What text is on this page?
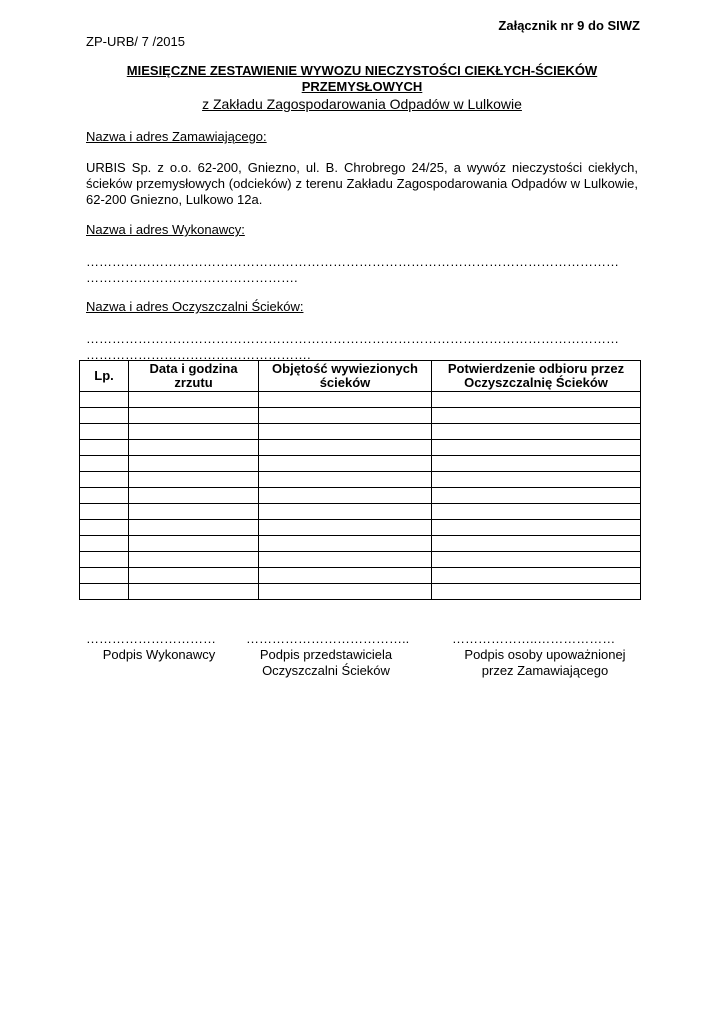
Załącznik nr 9 do SIWZ
ZP-URB/ 7 /2015
MIESIĘCZNE ZESTAWIENIE WYWOZU NIECZYSTOŚCI CIEKŁYCH-ŚCIEKÓW
PRZEMYSŁOWYCH
z Zakładu Zagospodarowania Odpadów w Lulkowie
Nazwa i adres Zamawiającego:
URBIS Sp. z o.o. 62-200, Gniezno, ul. B. Chrobrego 24/25, a wywóz nieczystości ciekłych, ścieków przemysłowych (odcieków) z terenu Zakładu Zagospodarowania Odpadów w Lulkowie, 62-200 Gniezno, Lulkowo 12a.
Nazwa i adres Wykonawcy:
……………………………………………………………………………………………………………
………………………………………….
Nazwa i adres Oczyszczalni Ścieków:
……………………………………………………………………………………………………………
…………………………………………….
Lp.	Data i godzina zrzutu	Objętość wywiezionych ścieków	Potwierdzenie odbioru przez Oczyszczalnię Ścieków

………………………… ………………………………..	………………..………………
Podpis Wykonawcy	Podpis przedstawiciela Oczyszczalni Ścieków
Podpis osoby upoważnionej przez Zamawiającego
